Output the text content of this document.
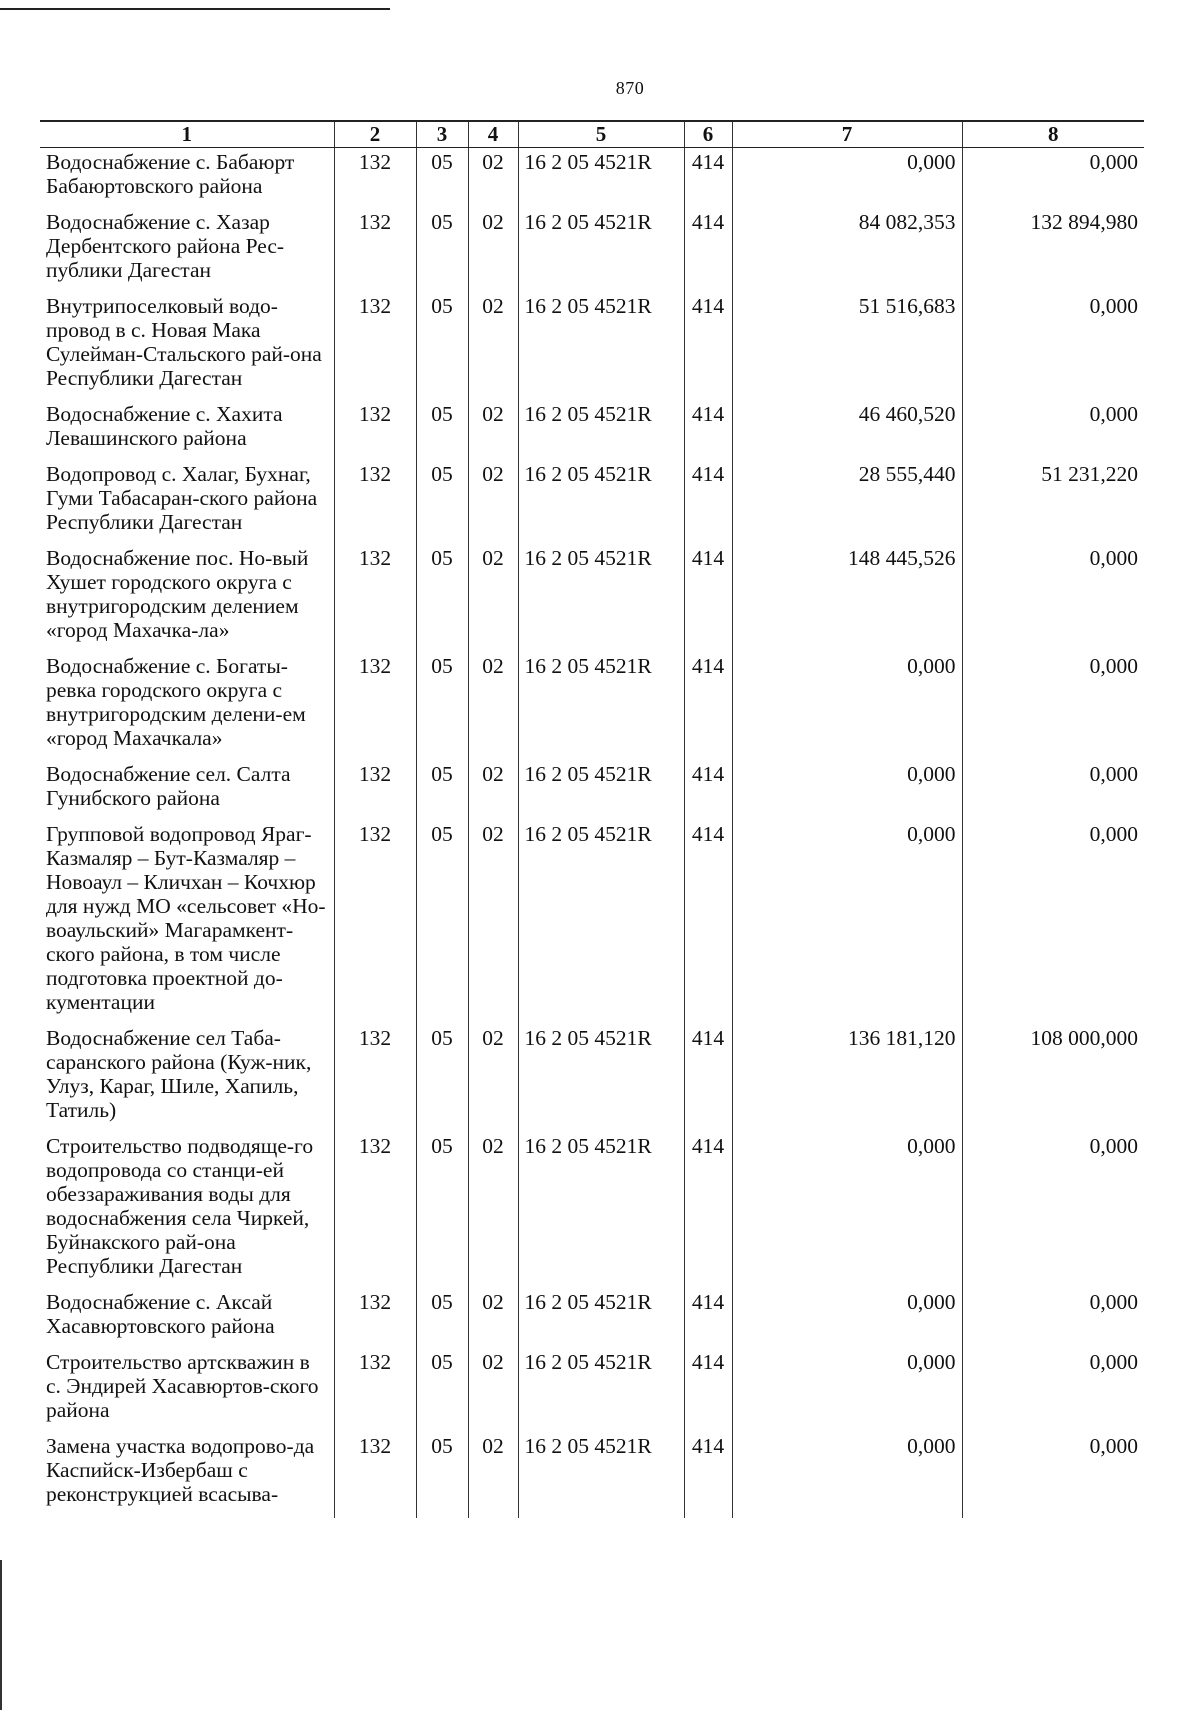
870
1	2	3	4	5	6	7	8
Водоснабжение с. Бабаюрт Бабаюртовского района	132	05	02	16 2 05 4521R	414	0,000	0,000
Водоснабжение с. Хазар Дербентского района Рес-публики Дагестан	132	05	02	16 2 05 4521R	414	84 082,353	132 894,980
Внутрипоселковый водо-провод в с. Новая Мака Сулейман-Стальского рай-она Республики Дагестан	132	05	02	16 2 05 4521R	414	51 516,683	0,000
Водоснабжение с. Хахита Левашинского района	132	05	02	16 2 05 4521R	414	46 460,520	0,000
Водопровод с. Халаг, Бухнаг, Гуми Табасаран-ского района Республики Дагестан	132	05	02	16 2 05 4521R	414	28 555,440	51 231,220
Водоснабжение пос. Но-вый Хушет городского округа с внутригородским делением «город Махачка-ла»	132	05	02	16 2 05 4521R	414	148 445,526	0,000
Водоснабжение с. Богаты-ревка городского округа с внутригородским делени-ем «город Махачкала»	132	05	02	16 2 05 4521R	414	0,000	0,000
Водоснабжение сел. Салта Гунибского района	132	05	02	16 2 05 4521R	414	0,000	0,000
Групповой водопровод Яраг-Казмаляр – Бут-Казмаляр – Новоаул – Кличхан – Кочхюр для нужд МО «сельсовет «Но-воаульский» Магарамкент-ского района, в том числе подготовка проектной до-кументации	132	05	02	16 2 05 4521R	414	0,000	0,000
Водоснабжение сел Таба-саранского района (Куж-ник, Улуз, Караг, Шиле, Хапиль, Татиль)	132	05	02	16 2 05 4521R	414	136 181,120	108 000,000
Строительство подводяще-го водопровода со станци-ей обеззараживания воды для водоснабжения села Чиркей, Буйнакского рай-она Республики Дагестан	132	05	02	16 2 05 4521R	414	0,000	0,000
Водоснабжение с. Аксай Хасавюртовского района	132	05	02	16 2 05 4521R	414	0,000	0,000
Строительство артскважин в с. Эндирей Хасавюртов-ского района	132	05	02	16 2 05 4521R	414	0,000	0,000
Замена участка водопрово-да Каспийск-Избербаш с реконструкцией всасыва-	132	05	02	16 2 05 4521R	414	0,000	0,000
